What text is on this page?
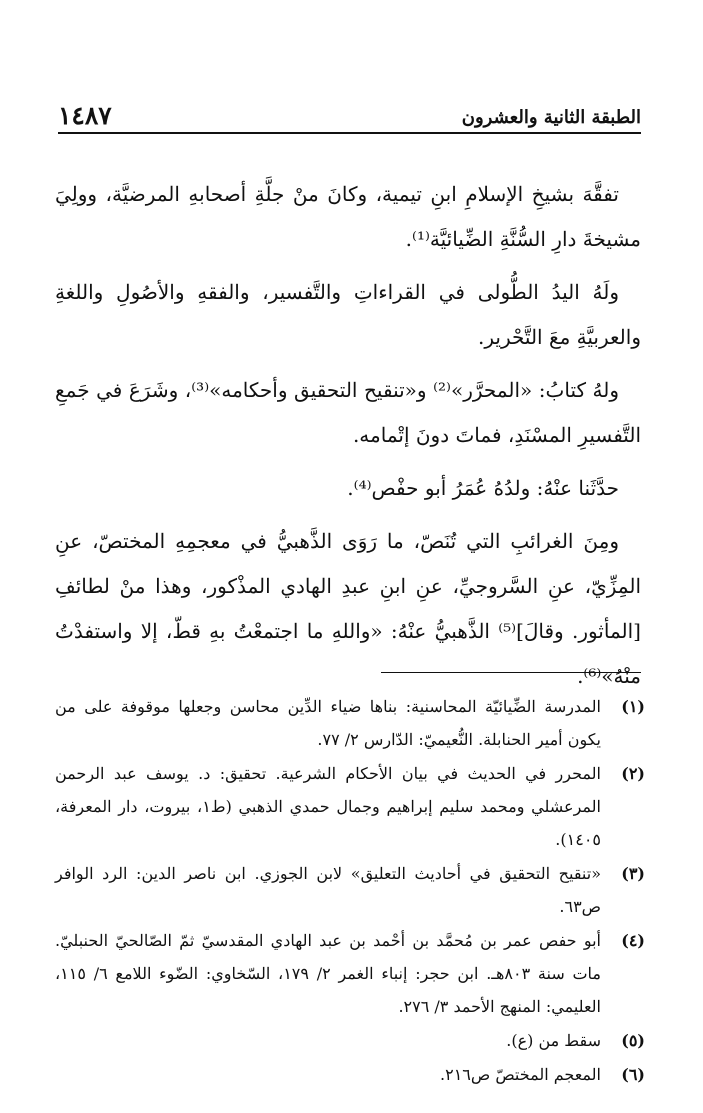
الطبقة الثانية والعشرون
١٤٨٧

تفقَّهَ بشيخِ الإسلامِ ابنِ تيمية، وكانَ منْ جلَّةِ أصحابهِ المرضيَّة، وولِيَ مشيخةَ دارِ السُّنَّةِ الضِّيائيَّة⁽¹⁾.

ولَهُ اليدُ الطُّولى في القراءاتِ والتَّفسير، والفقهِ والأصُولِ واللغةِ والعربيَّةِ معَ التَّحْرير.

ولهُ كتابُ: «المحرَّر»⁽²⁾ و«تنقيح التحقيق وأحكامه»⁽³⁾، وشَرَعَ في جَمعِ التَّفسيرِ المسْنَدِ، فماتَ دونَ إتْمامه.

حدَّثَنا عنْهُ: ولدُهُ عُمَرُ أبو حفْص⁽⁴⁾.

ومِنَ الغرائبِ التي تُنَصّ، ما رَوَى الذَّهبيُّ في معجمِهِ المختصّ، عنِ المِزِّيّ، عنِ السَّروجيِّ، عنِ ابنِ عبدِ الهادي المذْكور، وهذا منْ لطائفِ [المأثور. وقالَ]⁽⁵⁾ الذَّهبيُّ عنْهُ: «واللهِ ما اجتمعْتُ بهِ قطّ، إلا واستفدْتُ منْهُ»⁽⁶⁾.

(١)
المدرسة الضِّيائيّة المحاسنية: بناها ضياء الدِّين محاسن وجعلها موقوفة على من يكون أمير الحنابلة. النُّعيميّ: الدّارس ٢/ ٧٧.
(٢)
المحرر في الحديث في بيان الأحكام الشرعية. تحقيق: د. يوسف عبد الرحمن المرعشلي ومحمد سليم إبراهيم وجمال حمدي الذهبي (ط١، بيروت، دار المعرفة، ١٤٠٥).
(٣)
«تنقيح التحقيق في أحاديث التعليق» لابن الجوزي. ابن ناصر الدين: الرد الوافر ص٦٣.
(٤)
أبو حفص عمر بن مُحمَّد بن أحْمد بن عبد الهادي المقدسيّ ثمّ الصّالحيّ الحنبليّ. مات سنة ٨٠٣هـ. ابن حجر: إنباء الغمر ٢/ ١٧٩، السّخاوي: الضّوء اللامع ٦/ ١١٥، العليمي: المنهج الأحمد ٣/ ٢٧٦.
(٥)
سقط من (ع).
(٦)
المعجم المختصّ ص٢١٦.
